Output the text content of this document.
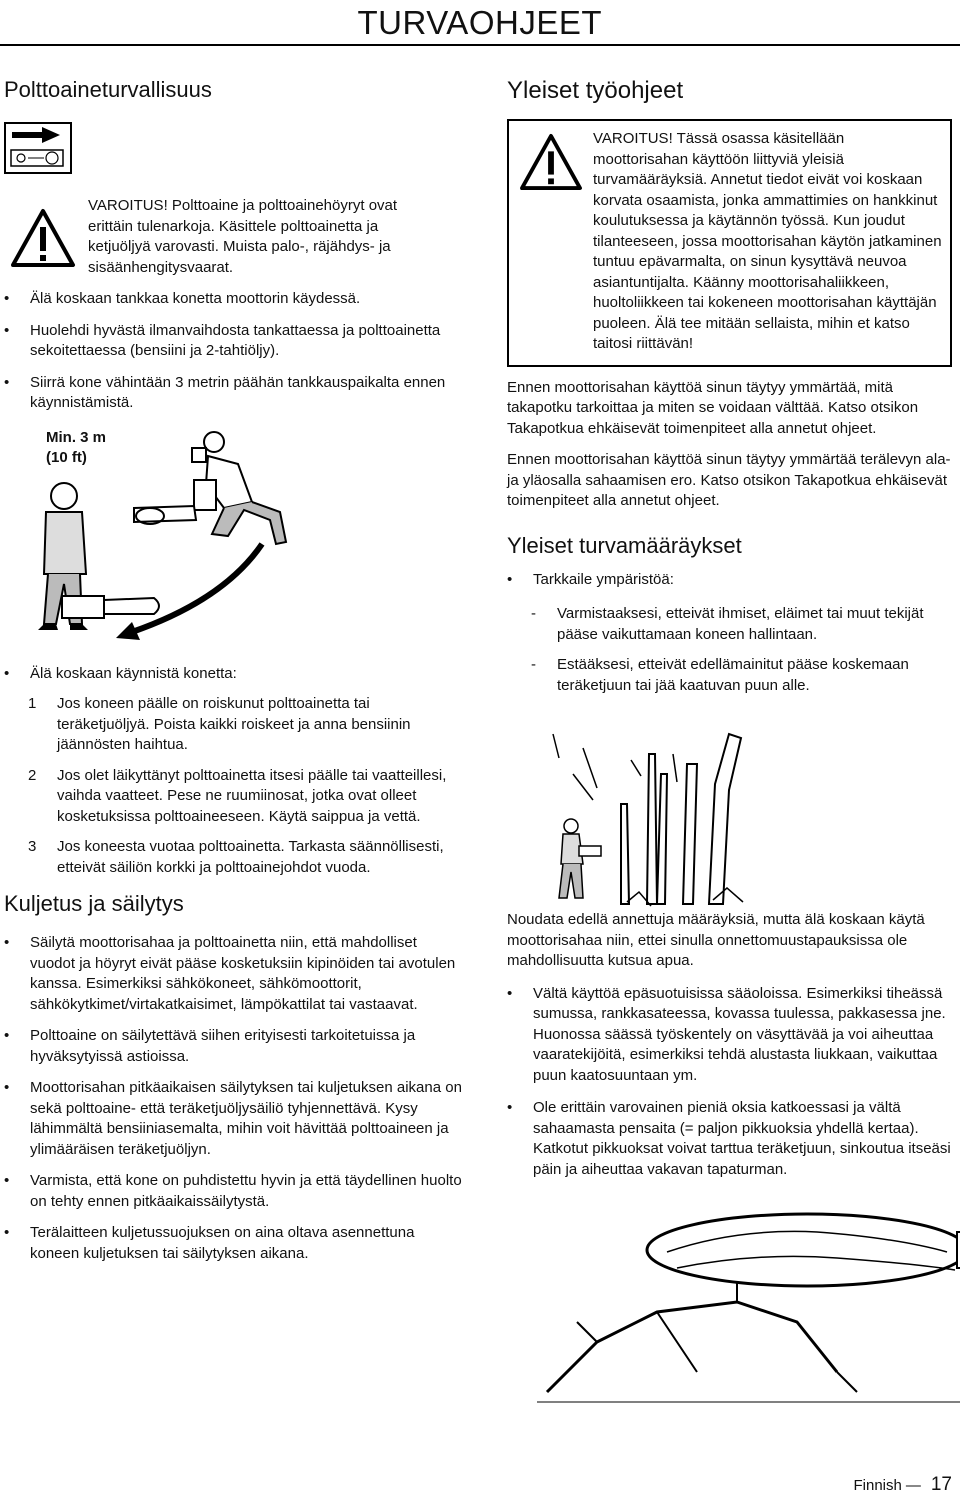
TURVAOHJEET
Polttoaineturvallisuus
VAROITUS! Polttoaine ja polttoainehöyryt ovat erittäin tulenarkoja. Käsittele polttoainetta ja ketjuöljyä varovasti. Muista palo-, räjähdys- ja sisäänhengitysvaarat.
• Älä koskaan tankkaa konetta moottorin käydessä.
• Huolehdi hyvästä ilmanvaihdosta tankattaessa ja polttoainetta sekoitettaessa (bensiini ja 2-tahtiöljy).
• Siirrä kone vähintään 3 metrin päähän tankkauspaikalta ennen käynnistämistä.
Min. 3 m
(10 ft)
• Älä koskaan käynnistä konetta:
1 Jos koneen päälle on roiskunut polttoainetta tai teräketjuöljyä. Poista kaikki roiskeet ja anna bensiinin jäännösten haihtua.
2 Jos olet läikyttänyt polttoainetta itsesi päälle tai vaatteillesi, vaihda vaatteet. Pese ne ruumiinosat, jotka ovat olleet kosketuksissa polttoaineeseen. Käytä saippua ja vettä.
3 Jos koneesta vuotaa polttoainetta. Tarkasta säännöllisesti, etteivät säiliön korkki ja polttoainejohdot vuoda.
Kuljetus ja säilytys
• Säilytä moottorisahaa ja polttoainetta niin, että mahdolliset vuodot ja höyryt eivät pääse kosketuksiin kipinöiden tai avotulen kanssa. Esimerkiksi sähkökoneet, sähkömoottorit, sähkökytkimet/virtakatkaisimet, lämpökattilat tai vastaavat.
• Polttoaine on säilytettävä siihen erityisesti tarkoitetuissa ja hyväksytyissä astioissa.
• Moottorisahan pitkäaikaisen säilytyksen tai kuljetuksen aikana on sekä polttoaine- että teräketjuöljysäiliö tyhjennettävä. Kysy lähimmältä bensiiniasemalta, mihin voit hävittää polttoaineen ja ylimääräisen teräketjuöljyn.
• Varmista, että kone on puhdistettu hyvin ja että täydellinen huolto on tehty ennen pitkäaikaissäilytystä.
• Terälaitteen kuljetussuojuksen on aina oltava asennettuna koneen kuljetuksen tai säilytyksen aikana.
Yleiset työohjeet
VAROITUS! Tässä osassa käsitellään moottorisahan käyttöön liittyviä yleisiä turvamääräyksiä. Annetut tiedot eivät voi koskaan korvata osaamista, jonka ammattimies on hankkinut koulutuksessa ja käytännön työssä. Kun joudut tilanteeseen, jossa moottorisahan käytön jatkaminen tuntuu epävarmalta, on sinun kysyttävä neuvoa asiantuntijalta. Käänny moottorisahaliikkeen, huoltoliikkeen tai kokeneen moottorisahan käyttäjän puoleen. Älä tee mitään sellaista, mihin et katso taitosi riittävän!

Ennen moottorisahan käyttöä sinun täytyy ymmärtää, mitä takapotku tarkoittaa ja miten se voidaan välttää. Katso otsikon Takapotkua ehkäisevät toimenpiteet alla annetut ohjeet.

Ennen moottorisahan käyttöä sinun täytyy ymmärtää terälevyn ala- ja yläosalla sahaamisen ero. Katso otsikon Takapotkua ehkäisevät toimenpiteet alla annetut ohjeet.

Yleiset turvamääräykset
• Tarkkaile ympäristöä:
- Varmistaaksesi, etteivät ihmiset, eläimet tai muut tekijät pääse vaikuttamaan koneen hallintaan.
- Estääksesi, etteivät edellämainitut pääse koskemaan teräketjuun tai jää kaatuvan puun alle.

Noudata edellä annettuja määräyksiä, mutta älä koskaan käytä moottorisahaa niin, ettei sinulla onnettomuustapauksissa ole mahdollisuutta kutsua apua.

• Vältä käyttöä epäsuotuisissa sääoloissa. Esimerkiksi tiheässä sumussa, rankkasateessa, kovassa tuulessa, pakkasessa jne. Huonossa säässä työskentely on väsyttävää ja voi aiheuttaa vaaratekijöitä, esimerkiksi tehdä alustasta liukkaan, vaikuttaa puun kaatosuuntaan ym.
• Ole erittäin varovainen pieniä oksia katkoessasi ja vältä sahaamasta pensaita (= paljon pikkuoksia yhdellä kertaa). Katkotut pikkuoksat voivat tarttua teräketjuun, sinkoutua itseäsi päin ja aiheuttaa vakavan tapaturman.
Finnish — 17
